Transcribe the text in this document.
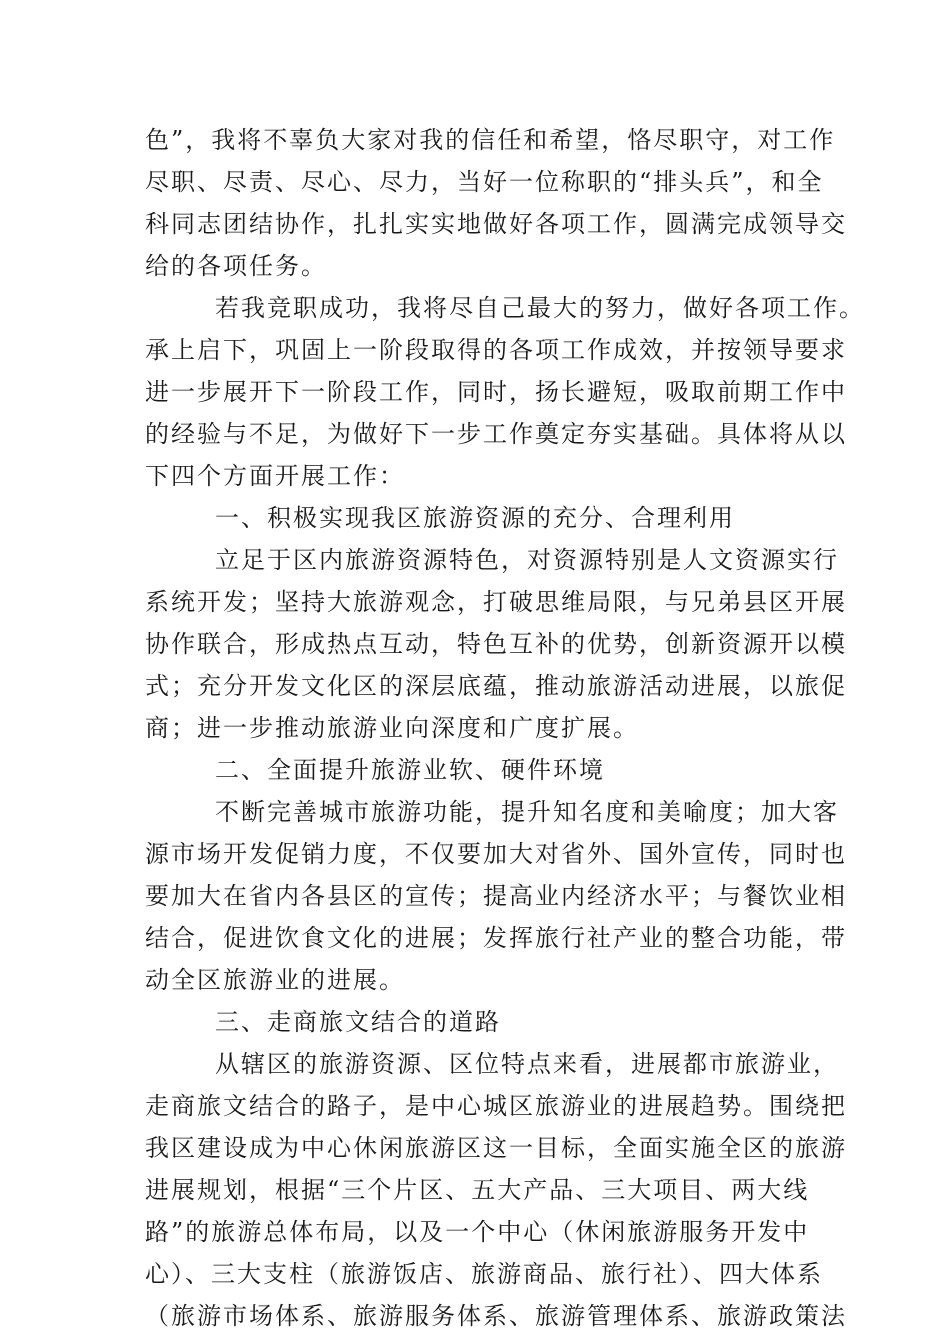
色”，我将不辜负大家对我的信任和希望，恪尽职守，对工作
尽职、尽责、尽心、尽力，当好一位称职的“排头兵”，和全
科同志团结协作，扎扎实实地做好各项工作，圆满完成领导交
给的各项任务。
若我竞职成功，我将尽自己最大的努力，做好各项工作。
承上启下，巩固上一阶段取得的各项工作成效，并按领导要求
进一步展开下一阶段工作，同时，扬长避短，吸取前期工作中
的经验与不足，为做好下一步工作奠定夯实基础。具体将从以
下四个方面开展工作：
一、积极实现我区旅游资源的充分、合理利用
立足于区内旅游资源特色，对资源特别是人文资源实行
系统开发；坚持大旅游观念，打破思维局限，与兄弟县区开展
协作联合，形成热点互动，特色互补的优势，创新资源开以模
式；充分开发文化区的深层底蕴，推动旅游活动进展，以旅促
商；进一步推动旅游业向深度和广度扩展。
二、全面提升旅游业软、硬件环境
不断完善城市旅游功能，提升知名度和美喻度；加大客
源市场开发促销力度，不仅要加大对省外、国外宣传，同时也
要加大在省内各县区的宣传；提高业内经济水平；与餐饮业相
结合，促进饮食文化的进展；发挥旅行社产业的整合功能，带
动全区旅游业的进展。
三、走商旅文结合的道路
从辖区的旅游资源、区位特点来看，进展都市旅游业，
走商旅文结合的路子，是中心城区旅游业的进展趋势。围绕把
我区建设成为中心休闲旅游区这一目标，全面实施全区的旅游
进展规划，根据“三个片区、五大产品、三大项目、两大线
路”的旅游总体布局，以及一个中心（休闲旅游服务开发中
心）、三大支柱（旅游饭店、旅游商品、旅行社）、四大体系
（旅游市场体系、旅游服务体系、旅游管理体系、旅游政策法
